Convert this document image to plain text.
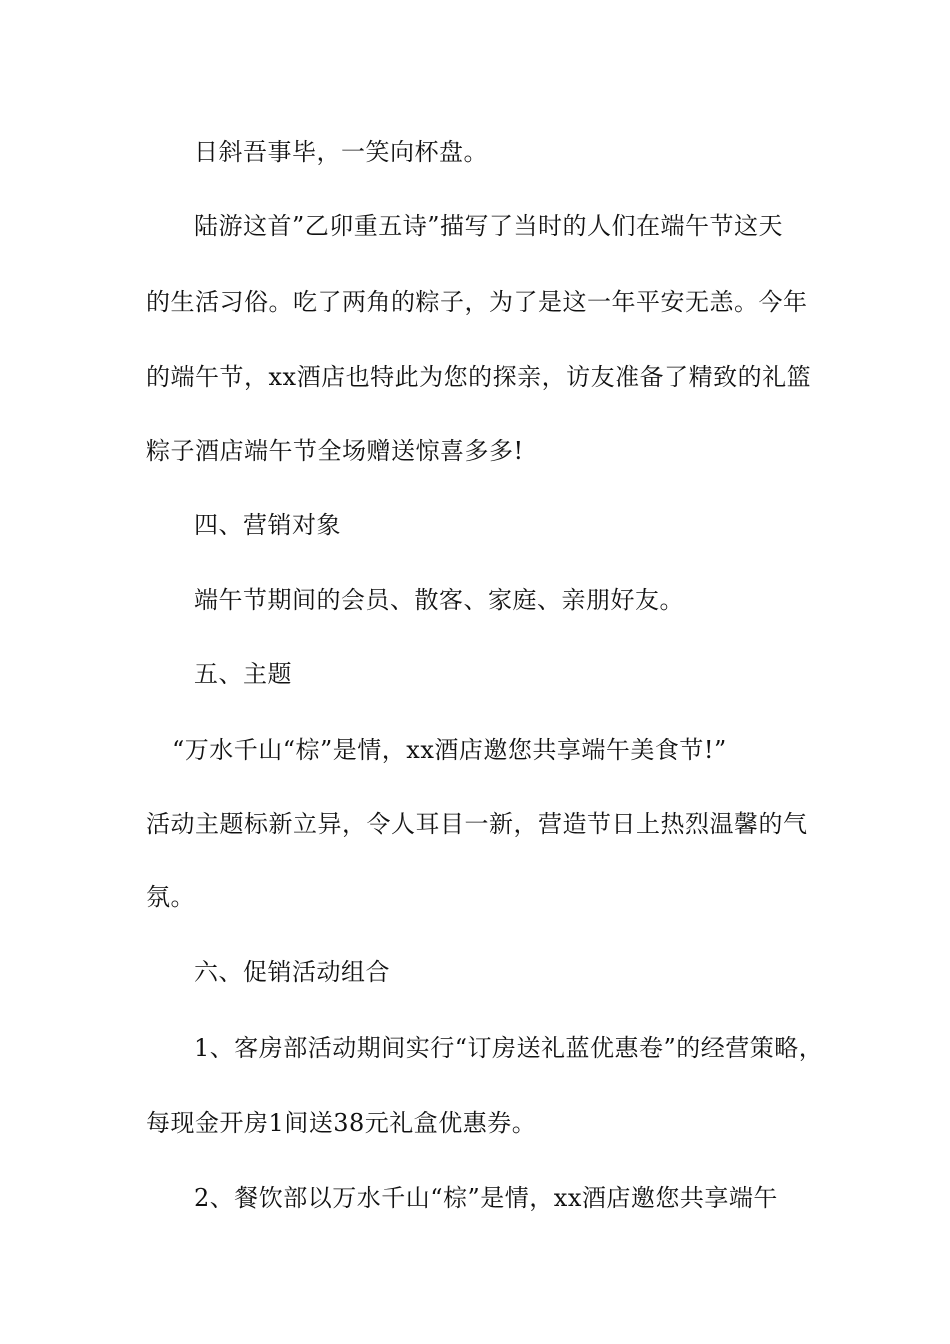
日斜吾事毕，一笑向杯盘。
陆游这首”乙卯重五诗”描写了当时的人们在端午节这天
的生活习俗。吃了两角的粽子，为了是这一年平安无恙。今年
的端午节，xx酒店也特此为您的探亲，访友准备了精致的礼篮
粽子酒店端午节全场赠送惊喜多多!
四、营销对象
端午节期间的会员、散客、家庭、亲朋好友。
五、主题
“万水千山“棕”是情，xx酒店邀您共享端午美食节!”
活动主题标新立异，令人耳目一新，营造节日上热烈温馨的气
氛。
六、促销活动组合
1、客房部活动期间实行“订房送礼蓝优惠卷”的经营策略，
每现金开房1间送38元礼盒优惠券。
2、餐饮部以万水千山“棕”是情，xx酒店邀您共享端午
